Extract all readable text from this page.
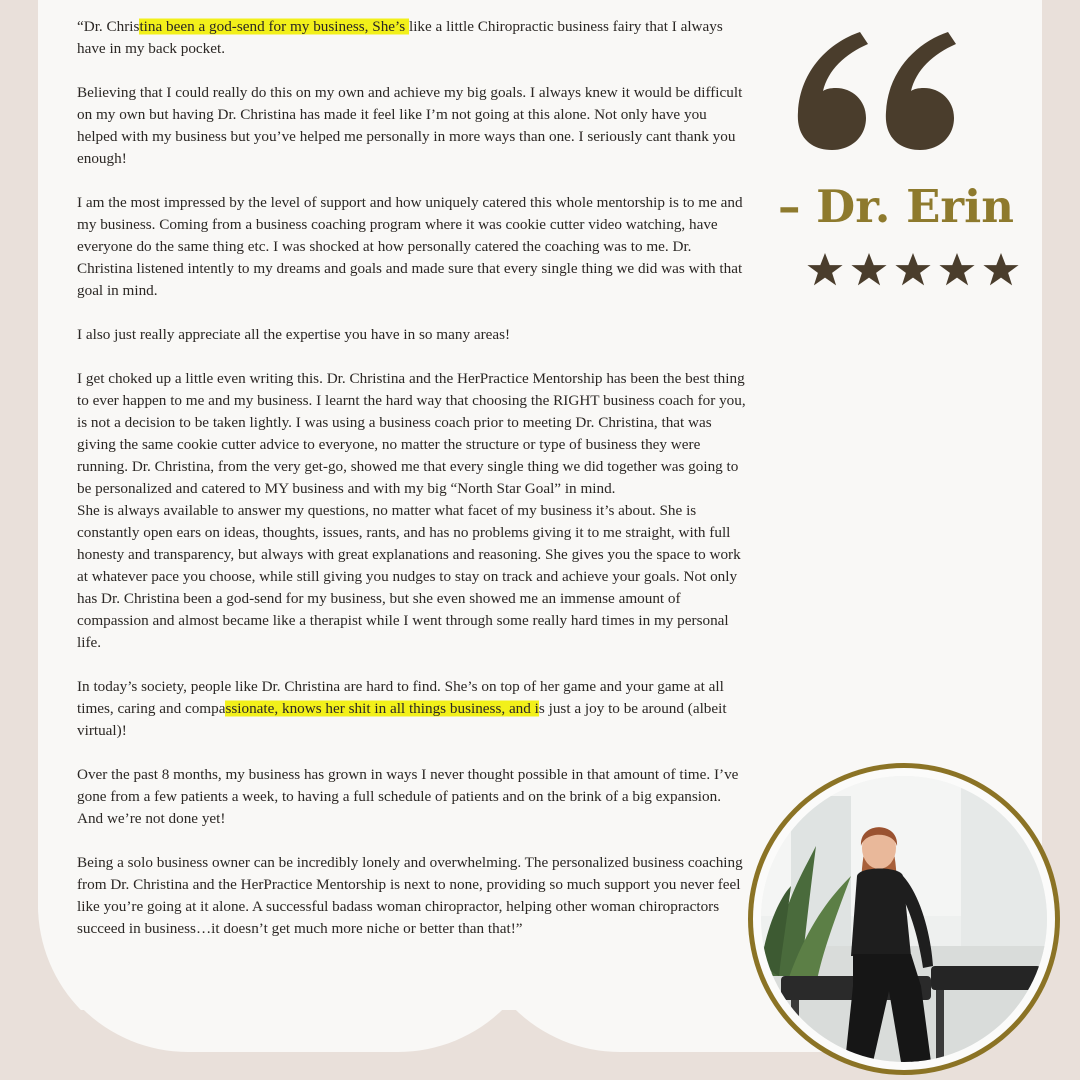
“Dr. Christina been a god-send for my business, She’s like a little Chiropractic business fairy that I always have in my back pocket.

Believing that I could really do this on my own and achieve my big goals. I always knew it would be difficult on my own but having Dr. Christina has made it feel like I’m not going at this alone. Not only have you helped with my business but you’ve helped me personally in more ways than one. I seriously cant thank you enough!

I am the most impressed by the level of support and how uniquely catered this whole mentorship is to me and my business. Coming from a business coaching program where it was cookie cutter video watching, have everyone do the same thing etc. I was shocked at how personally catered the coaching was to me. Dr. Christina listened intently to my dreams and goals and made sure that every single thing we did was with that goal in mind.

I also just really appreciate all the expertise you have in so many areas!

I get choked up a little even writing this. Dr. Christina and the HerPractice Mentorship has been the best thing to ever happen to me and my business. I learnt the hard way that choosing the RIGHT business coach for you, is not a decision to be taken lightly. I was using a business coach prior to meeting Dr. Christina, that was giving the same cookie cutter advice to everyone, no matter the structure or type of business they were running. Dr. Christina, from the very get-go, showed me that every single thing we did together was going to be personalized and catered to MY business and with my big “North Star Goal” in mind.

She is always available to answer my questions, no matter what facet of my business it’s about. She is constantly open ears on ideas, thoughts, issues, rants, and has no problems giving it to me straight, with full honesty and transparency, but always with great explanations and reasoning. She gives you the space to work at whatever pace you choose, while still giving you nudges to stay on track and achieve your goals. Not only has Dr. Christina been a god-send for my business, but she even showed me an immense amount of compassion and almost became like a therapist while I went through some really hard times in my personal life.

In today’s society, people like Dr. Christina are hard to find. She’s on top of her game and your game at all times, caring and compassionate, knows her shit in all things business, and is just a joy to be around (albeit virtual)!

Over the past 8 months, my business has grown in ways I never thought possible in that amount of time. I’ve gone from a few patients a week, to having a full schedule of patients and on the brink of a big expansion. And we’re not done yet!

Being a solo business owner can be incredibly lonely and overwhelming. The personalized business coaching from Dr. Christina and the HerPractice Mentorship is next to none, providing so much support you never feel like you’re going at it alone. A successful badass woman chiropractor, helping other woman chiropractors succeed in business…it doesn’t get much more niche or better than that!”

– Dr. Erin
